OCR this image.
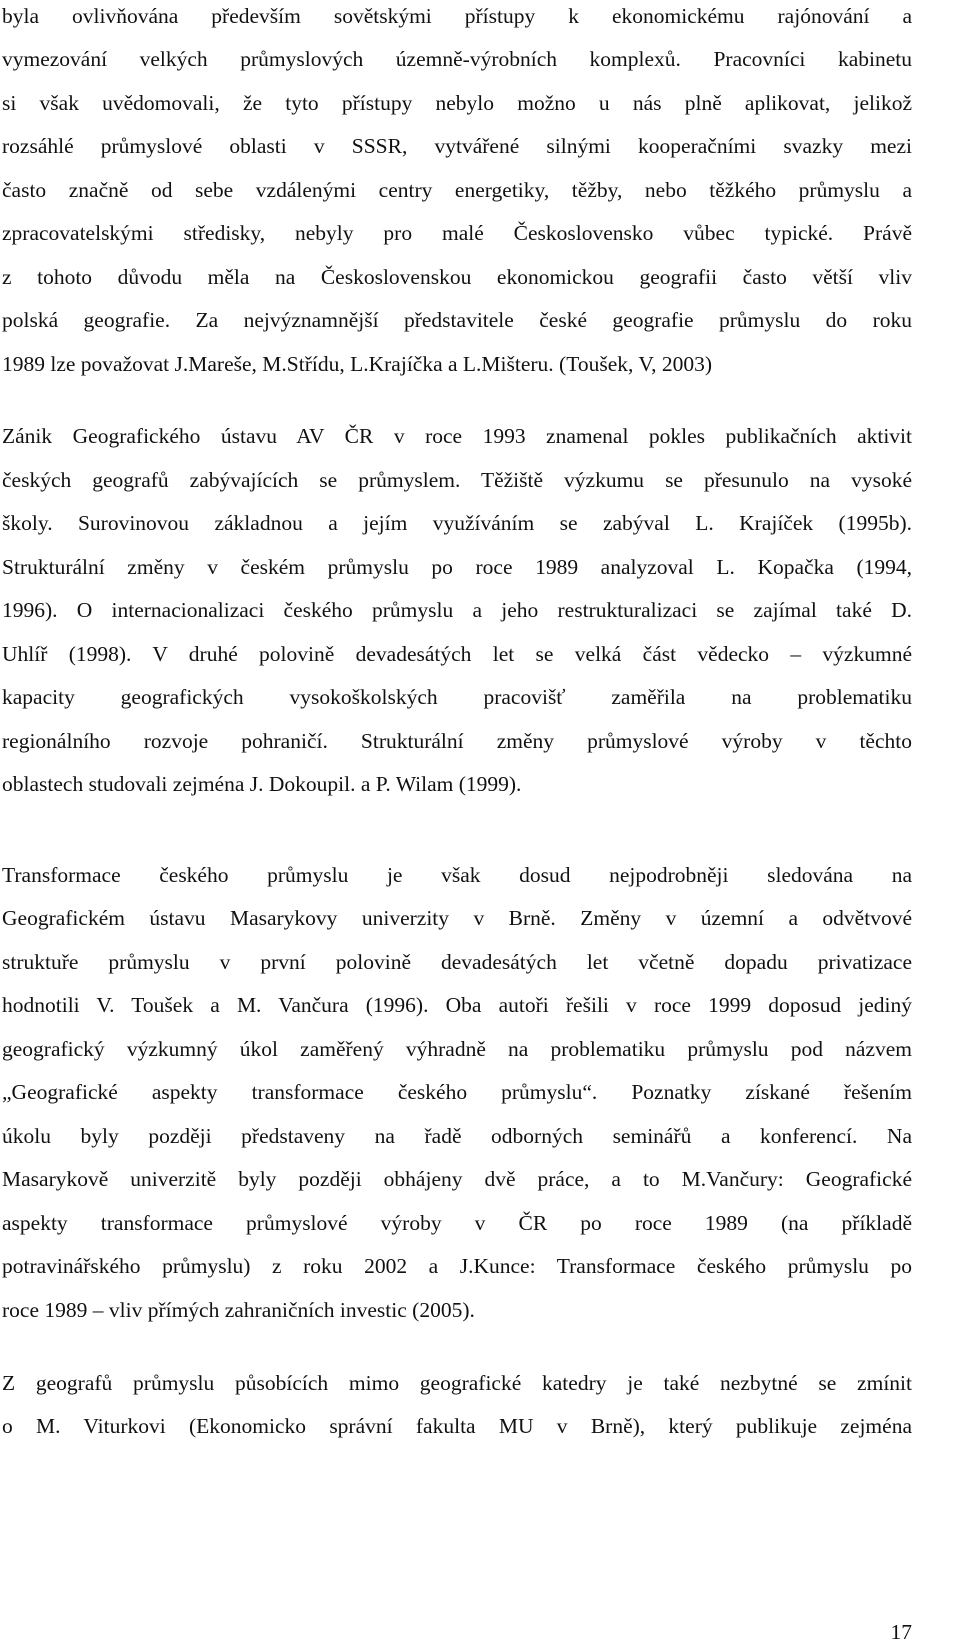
byla ovlivňována především sovětskými přístupy k ekonomickému rajónování a
vymezování velkých průmyslových územně-výrobních komplexů. Pracovníci kabinetu
si však uvědomovali, že tyto přístupy nebylo možno u nás plně aplikovat, jelikož
rozsáhlé průmyslové oblasti v SSSR, vytvářené silnými kooperačními svazky mezi
často značně od sebe vzdálenými centry energetiky, těžby, nebo těžkého průmyslu a
zpracovatelskými středisky, nebyly pro malé Československo vůbec typické. Právě
z tohoto důvodu měla na Československou ekonomickou geografii často větší vliv
polská geografie. Za nejvýznamnější představitele české geografie průmyslu do roku
1989 lze považovat J.Mareše, M.Střídu, L.Krajíčka a L.Mišteru. (Toušek, V, 2003)
Zánik Geografického ústavu AV ČR v roce 1993 znamenal pokles publikačních aktivit
českých geografů zabývajících se průmyslem. Těžiště výzkumu se přesunulo na vysoké
školy. Surovinovou základnou a jejím využíváním se zabýval L. Krajíček (1995b).
Strukturální změny v českém průmyslu po roce 1989 analyzoval L. Kopačka (1994,
1996). O internacionalizaci českého průmyslu a jeho restrukturalizaci se zajímal také D.
Uhlíř (1998). V druhé polovině devadesátých let se velká část vědecko – výzkumné
kapacity geografických vysokoškolských pracovišť zaměřila na problematiku
regionálního rozvoje pohraničí. Strukturální změny průmyslové výroby v těchto
oblastech studovali zejména J. Dokoupil. a P. Wilam (1999).
Transformace českého průmyslu je však dosud nejpodrobněji sledována na
Geografickém ústavu Masarykovy univerzity v Brně. Změny v územní a odvětvové
struktuře průmyslu v první polovině devadesátých let včetně dopadu privatizace
hodnotili V. Toušek a M. Vančura (1996). Oba autoři řešili v roce 1999 doposud jediný
geografický výzkumný úkol zaměřený výhradně na problematiku průmyslu pod názvem
„Geografické aspekty transformace českého průmyslu“. Poznatky získané řešením
úkolu byly později představeny na řadě odborných seminářů a konferencí. Na
Masarykově univerzitě byly později obhájeny dvě práce, a to M.Vančury: Geografické
aspekty transformace průmyslové výroby v ČR po roce 1989 (na příkladě
potravinářského průmyslu) z roku 2002 a J.Kunce: Transformace českého průmyslu po
roce 1989 – vliv přímých zahraničních investic (2005).
Z geografů průmyslu působících mimo geografické katedry je také nezbytné se zmínit
o M. Viturkovi (Ekonomicko správní fakulta MU v Brně), který publikuje zejména
17
